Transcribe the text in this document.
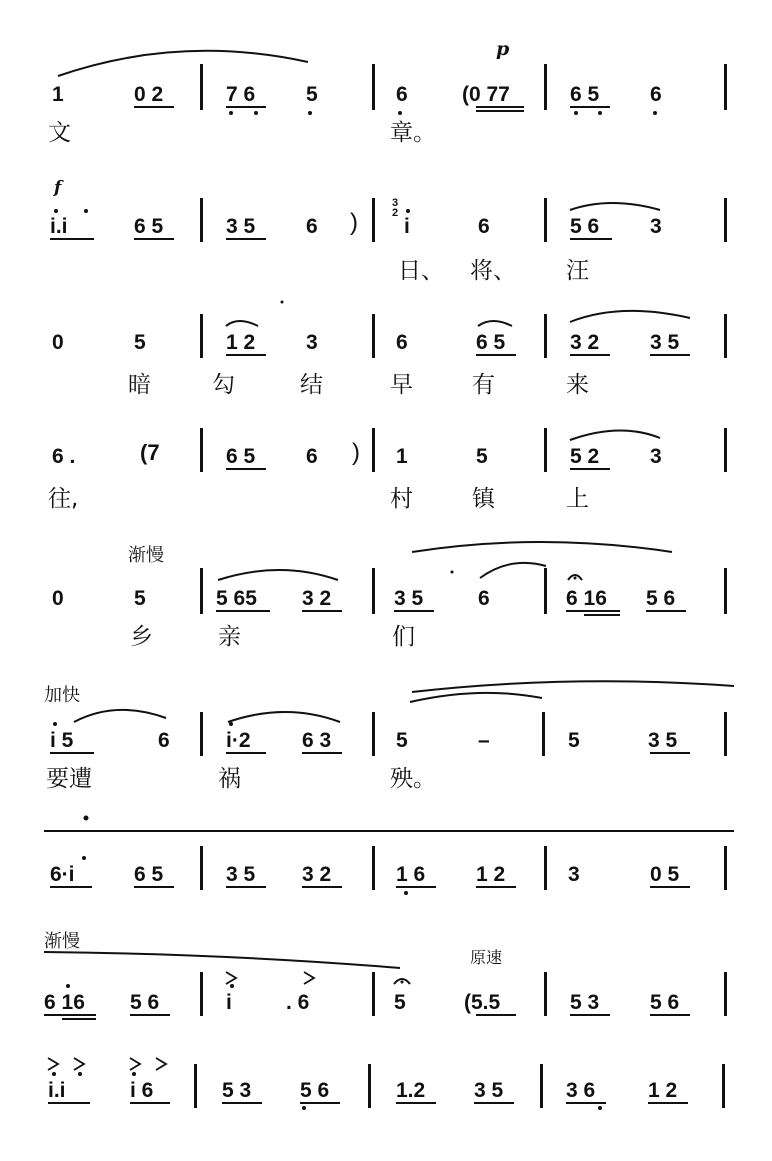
p
1	0 2	7 6 5	6	(0 77	6 5 6
文	章。
f
i.i	6 5	3 5 6 )
3 2
i	6	5 6 3
日、 将、 汪
0	5	1 2 3	6	6 5	3 2 3 5
暗	勾	结	早	有	来
6 .	(7	6 5 6 ) 1	5	5 2 3
往,	村	镇	上
渐慢
0	5	5 65 3 2	3 5	6	6 16 5 6
乡	亲	们
加快
i 5	6	i·2 6 3	5	–	5	3 5
要遭	祸	殃。
6·i	6 5	3 5 3 2	1 6 1 2	3	0 5
渐慢
原速
6 16 5 6	i	. 6	5	(5.5	5 3 5 6
i.i	i 6	5 3 5 6	1.2 3 5	3 6	1 2
